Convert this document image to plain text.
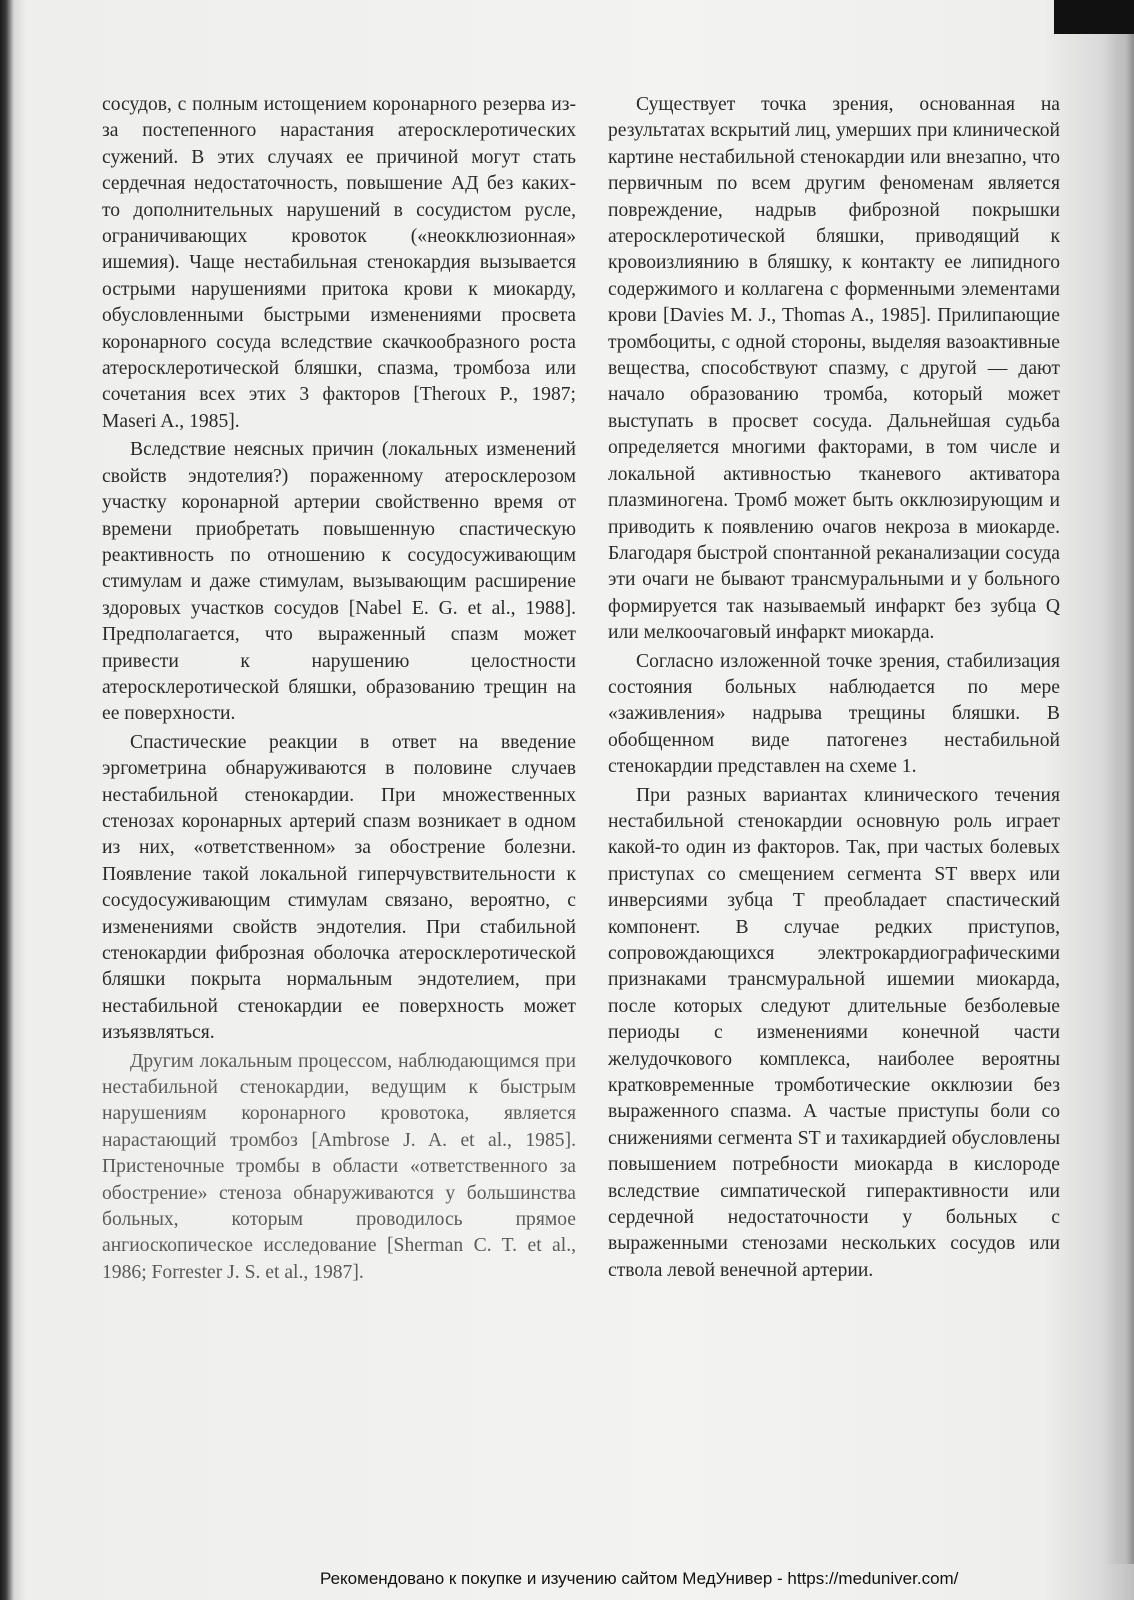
сосудов, с полным истощением коронарного резерва из-за постепенного нарастания атеросклеротических сужений. В этих случаях ее причиной могут стать сердечная недостаточность, повышение АД без каких-то дополнительных нарушений в сосудистом русле, ограничивающих кровоток («неокклюзионная» ишемия). Чаще нестабильная стенокардия вызывается острыми нарушениями притока крови к миокарду, обусловленными быстрыми изменениями просвета коронарного сосуда вследствие скачкообразного роста атеросклеротической бляшки, спазма, тромбоза или сочетания всех этих 3 факторов [Theroux P., 1987; Maseri A., 1985].

Вследствие неясных причин (локальных изменений свойств эндотелия?) пораженному атеросклерозом участку коронарной артерии свойственно время от времени приобретать повышенную спастическую реактивность по отношению к сосудосуживающим стимулам и даже стимулам, вызывающим расширение здоровых участков сосудов [Nabel E. G. et al., 1988]. Предполагается, что выраженный спазм может привести к нарушению целостности атеросклеротической бляшки, образованию трещин на ее поверхности.

Спастические реакции в ответ на введение эргометрина обнаруживаются в половине случаев нестабильной стенокардии. При множественных стенозах коронарных артерий спазм возникает в одном из них, «ответственном» за обострение болезни. Появление такой локальной гиперчувствительности к сосудосуживающим стимулам связано, вероятно, с изменениями свойств эндотелия. При стабильной стенокардии фиброзная оболочка атеросклеротической бляшки покрыта нормальным эндотелием, при нестабильной стенокардии ее поверхность может изъязвляться.

Другим локальным процессом, наблюдающимся при нестабильной стенокардии, ведущим к быстрым нарушениям коронарного кровотока, является нарастающий тромбоз [Ambrose J. A. et al., 1985]. Пристеночные тромбы в области «ответственного за обострение» стеноза обнаруживаются у большинства больных, которым проводилось прямое ангиоскопическое исследование [Sherman C. T. et al., 1986; Forrester J. S. et al., 1987].

Существует точка зрения, основанная на результатах вскрытий лиц, умерших при клинической картине нестабильной стенокардии или внезапно, что первичным по всем другим феноменам является повреждение, надрыв фиброзной покрышки атеросклеротической бляшки, приводящий к кровоизлиянию в бляшку, к контакту ее липидного содержимого и коллагена с форменными элементами крови [Davies M. J., Thomas A., 1985]. Прилипающие тромбоциты, с одной стороны, выделяя вазоактивные вещества, способствуют спазму, с другой — дают начало образованию тромба, который может выступать в просвет сосуда. Дальнейшая судьба определяется многими факторами, в том числе и локальной активностью тканевого активатора плазминогена. Тромб может быть окклюзирующим и приводить к появлению очагов некроза в миокарде. Благодаря быстрой спонтанной реканализации сосуда эти очаги не бывают трансмуральными и у больного формируется так называемый инфаркт без зубца Q или мелкоочаговый инфаркт миокарда.

Согласно изложенной точке зрения, стабилизация состояния больных наблюдается по мере «заживления» надрыва трещины бляшки. В обобщенном виде патогенез нестабильной стенокардии представлен на схеме 1.

При разных вариантах клинического течения нестабильной стенокардии основную роль играет какой-то один из факторов. Так, при частых болевых приступах со смещением сегмента ST вверх или инверсиями зубца T преобладает спастический компонент. В случае редких приступов, сопровождающихся электрокардиографическими признаками трансмуральной ишемии миокарда, после которых следуют длительные безболевые периоды с изменениями конечной части желудочкового комплекса, наиболее вероятны кратковременные тромботические окклюзии без выраженного спазма. А частые приступы боли со снижениями сегмента ST и тахикардией обусловлены повышением потребности миокарда в кислороде вследствие симпатической гиперактивности или сердечной недостаточности у больных с выраженными стенозами нескольких сосудов или ствола левой венечной артерии.

Рекомендовано к покупке и изучению сайтом МедУнивер - https://meduniver.com/
